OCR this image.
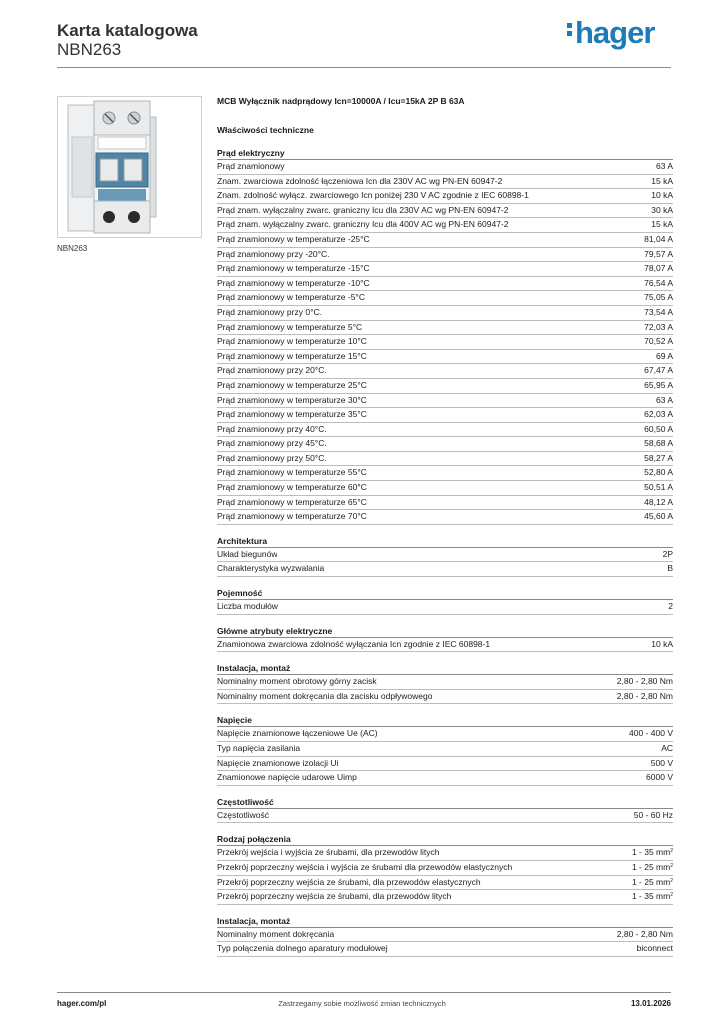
Karta katalogowa
NBN263	hager
NBN263
MCB Wyłącznik nadprądowy Icn=10000A / Icu=15kA 2P B 63A
Właściwości techniczne
Prąd elektryczny
Prąd znamionowy	63 A
Znam. zwarciowa zdolność łączeniowa Icn dla 230V AC wg PN-EN 60947-2	15 kA
Znam. zdolność wyłącz. zwarciowego Icn poniżej 230 V AC zgodnie z IEC 60898-1	10 kA
Prąd znam. wyłączalny zwarc. graniczny Icu dla 230V AC wg PN-EN 60947-2	30 kA
Prąd znam. wyłączalny zwarc. graniczny Icu dla 400V AC wg PN-EN 60947-2	15 kA
Prąd znamionowy w temperaturze -25°C	81,04 A
Prąd znamionowy przy -20°C.	79,57 A
Prąd znamionowy w temperaturze -15°C	78,07 A
Prąd znamionowy w temperaturze -10°C	76,54 A
Prąd znamionowy w temperaturze -5°C	75,05 A
Prąd znamionowy przy 0°C.	73,54 A
Prąd znamionowy w temperaturze 5°C	72,03 A
Prąd znamionowy w temperaturze 10°C	70,52 A
Prąd znamionowy w temperaturze 15°C	69 A
Prąd znamionowy przy 20°C.	67,47 A
Prąd znamionowy w temperaturze 25°C	65,95 A
Prąd znamionowy w temperaturze 30°C	63 A
Prąd znamionowy w temperaturze 35°C	62,03 A
Prąd znamionowy przy 40°C.	60,50 A
Prąd znamionowy przy 45°C.	58,68 A
Prąd znamionowy przy 50°C.	58,27 A
Prąd znamionowy w temperaturze 55°C	52,80 A
Prąd znamionowy w temperaturze 60°C	50,51 A
Prąd znamionowy w temperaturze 65°C	48,12 A
Prąd znamionowy w temperaturze 70°C	45,60 A
Architektura
Układ biegunów	2P
Charakterystyka wyzwalania	B
Pojemność
Liczba modułów	2
Główne atrybuty elektryczne
Znamionowa zwarciowa zdolność wyłączania Icn zgodnie z IEC 60898-1	10 kA
Instalacja, montaż
Nominalny moment obrotowy górny zacisk	2,80 - 2,80 Nm
Nominalny moment dokręcania dla zacisku odpływowego	2,80 - 2,80 Nm
Napięcie
Napięcie znamionowe łączeniowe Ue (AC)	400 - 400 V
Typ napięcia zasilania	AC
Napięcie znamionowe izolacji Ui	500 V
Znamionowe napięcie udarowe Uimp	6000 V
Częstotliwość
Częstotliwość	50 - 60 Hz
Rodzaj połączenia
Przekrój wejścia i wyjścia ze śrubami, dla przewodów litych	1 - 35 $mm^2$
Przekrój poprzeczny wejścia i wyjścia ze śrubami dla przewodów elastycznych	1 - 25 $mm^2$
Przekrój poprzeczny wejścia ze śrubami, dla przewodów elastycznych	1 - 25 $mm^2$
Przekrój poprzeczny wejścia ze śrubami, dla przewodów litych	1 - 35 $mm^2$
Instalacja, montaż
Nominalny moment dokręcania	2,80 - 2,80 Nm
Typ połączenia dolnego aparatury modułowej	biconnect
hager.com/pl	Zastrzegamy sobie możliwość zmian technicznych	13.01.2026
